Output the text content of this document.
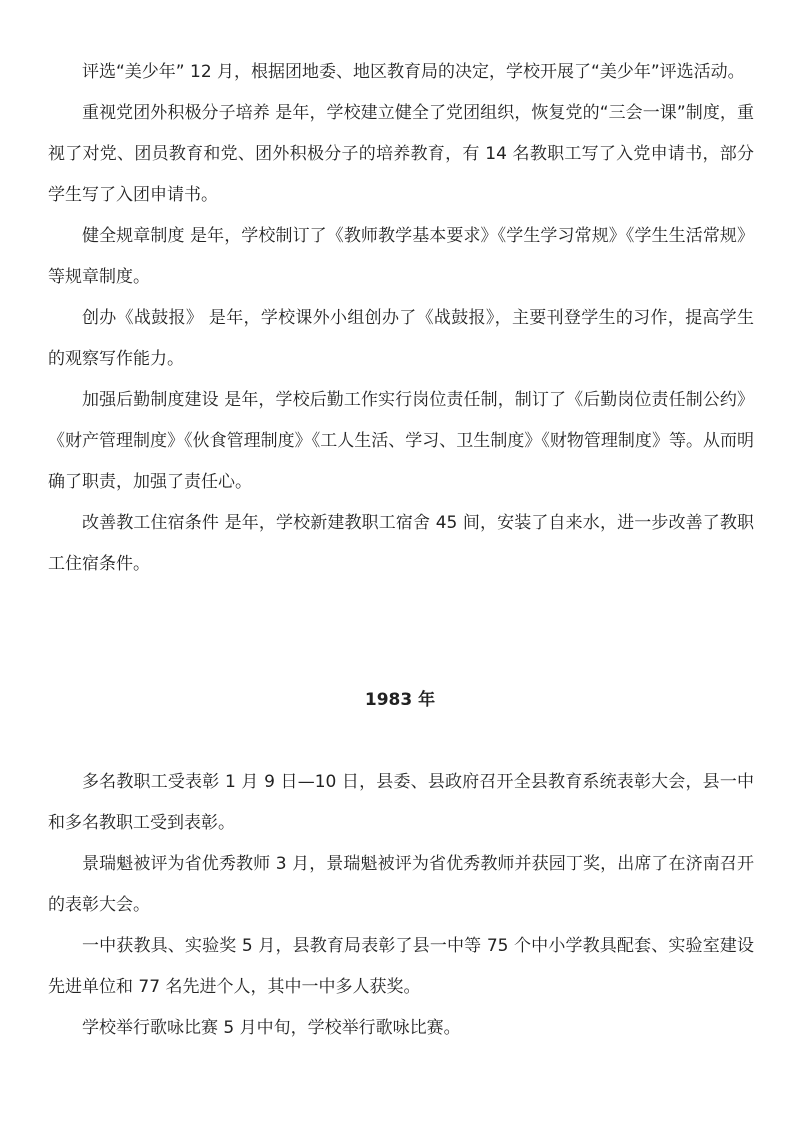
评选“美少年” 12 月，根据团地委、地区教育局的决定，学校开展了“美少年”评选活动。

重视党团外积极分子培养 是年，学校建立健全了党团组织，恢复党的“三会一课”制度，重视了对党、团员教育和党、团外积极分子的培养教育，有 14 名教职工写了入党申请书，部分学生写了入团申请书。

健全规章制度 是年，学校制订了《教师教学基本要求》《学生学习常规》《学生生活常规》等规章制度。

创办《战鼓报》 是年，学校课外小组创办了《战鼓报》，主要刊登学生的习作，提高学生的观察写作能力。

加强后勤制度建设 是年，学校后勤工作实行岗位责任制，制订了《后勤岗位责任制公约》《财产管理制度》《伙食管理制度》《工人生活、学习、卫生制度》《财物管理制度》等。从而明确了职责，加强了责任心。

改善教工住宿条件 是年，学校新建教职工宿舍 45 间，安装了自来水，进一步改善了教职工住宿条件。

1983 年

多名教职工受表彰 1 月 9 日—10 日，县委、县政府召开全县教育系统表彰大会，县一中和多名教职工受到表彰。

景瑞魁被评为省优秀教师 3 月，景瑞魁被评为省优秀教师并获园丁奖，出席了在济南召开的表彰大会。

一中获教具、实验奖 5 月，县教育局表彰了县一中等 75 个中小学教具配套、实验室建设先进单位和 77 名先进个人，其中一中多人获奖。

学校举行歌咏比赛 5 月中旬，学校举行歌咏比赛。
